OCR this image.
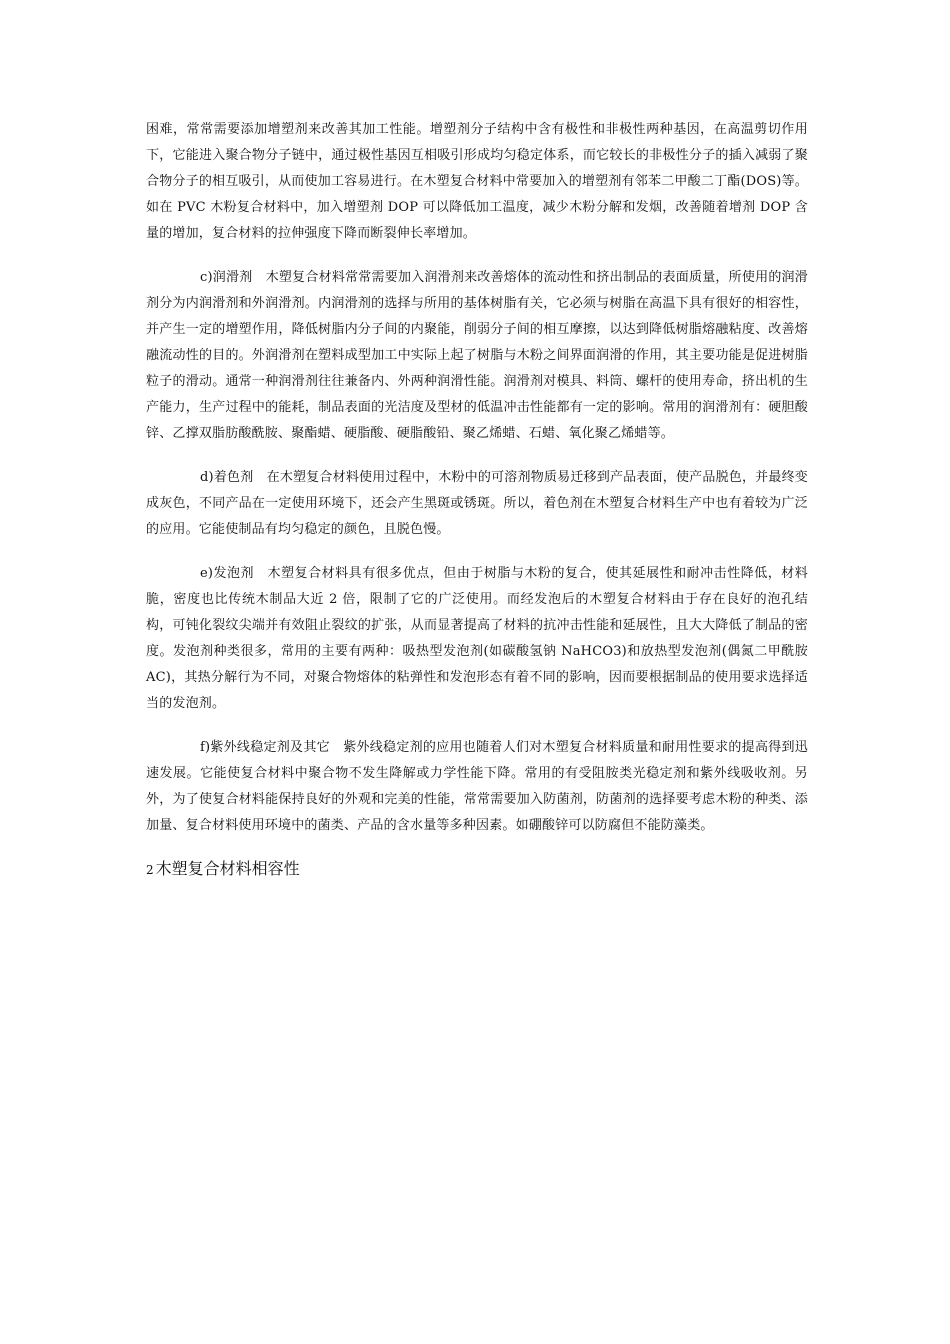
困难，常常需要添加增塑剂来改善其加工性能。增塑剂分子结构中含有极性和非极性两种基因，在高温剪切作用下，它能进入聚合物分子链中，通过极性基因互相吸引形成均匀稳定体系，而它较长的非极性分子的插入减弱了聚合物分子的相互吸引，从而使加工容易进行。在木塑复合材料中常要加入的增塑剂有邻苯二甲酸二丁酯(DOS)等。如在 PVC 木粉复合材料中，加入增塑剂 DOP 可以降低加工温度，减少木粉分解和发烟，改善随着增剂 DOP 含量的增加，复合材料的拉伸强度下降而断裂伸长率增加。

c)润滑剂　木塑复合材料常常需要加入润滑剂来改善熔体的流动性和挤出制品的表面质量，所使用的润滑剂分为内润滑剂和外润滑剂。内润滑剂的选择与所用的基体树脂有关，它必须与树脂在高温下具有很好的相容性，并产生一定的增塑作用，降低树脂内分子间的内聚能，削弱分子间的相互摩擦，以达到降低树脂熔融粘度、改善熔融流动性的目的。外润滑剂在塑料成型加工中实际上起了树脂与木粉之间界面润滑的作用，其主要功能是促进树脂粒子的滑动。通常一种润滑剂往往兼备内、外两种润滑性能。润滑剂对模具、料筒、螺杆的使用寿命，挤出机的生产能力，生产过程中的能耗，制品表面的光洁度及型材的低温冲击性能都有一定的影响。常用的润滑剂有：硬胆酸锌、乙撑双脂肪酸酰胺、聚酯蜡、硬脂酸、硬脂酸铅、聚乙烯蜡、石蜡、氧化聚乙烯蜡等。

d)着色剂　在木塑复合材料使用过程中，木粉中的可溶剂物质易迁移到产品表面，使产品脱色，并最终变成灰色，不同产品在一定使用环境下，还会产生黑斑或锈斑。所以，着色剂在木塑复合材料生产中也有着较为广泛的应用。它能使制品有均匀稳定的颜色，且脱色慢。

e)发泡剂　木塑复合材料具有很多优点，但由于树脂与木粉的复合，使其延展性和耐冲击性降低，材料脆，密度也比传统木制品大近 2 倍，限制了它的广泛使用。而经发泡后的木塑复合材料由于存在良好的泡孔结构，可钝化裂纹尖端并有效阻止裂纹的扩张，从而显著提高了材料的抗冲击性能和延展性，且大大降低了制品的密度。发泡剂种类很多，常用的主要有两种：吸热型发泡剂(如碳酸氢钠 NaHCO3)和放热型发泡剂(偶氮二甲酰胺 AC)，其热分解行为不同，对聚合物熔体的粘弹性和发泡形态有着不同的影响，因而要根据制品的使用要求选择适当的发泡剂。

f)紫外线稳定剂及其它　紫外线稳定剂的应用也随着人们对木塑复合材料质量和耐用性要求的提高得到迅速发展。它能使复合材料中聚合物不发生降解或力学性能下降。常用的有受阻胺类光稳定剂和紫外线吸收剂。另外，为了使复合材料能保持良好的外观和完美的性能，常常需要加入防菌剂，防菌剂的选择要考虑木粉的种类、添加量、复合材料使用环境中的菌类、产品的含水量等多种因素。如硼酸锌可以防腐但不能防藻类。

2 木塑复合材料相容性
